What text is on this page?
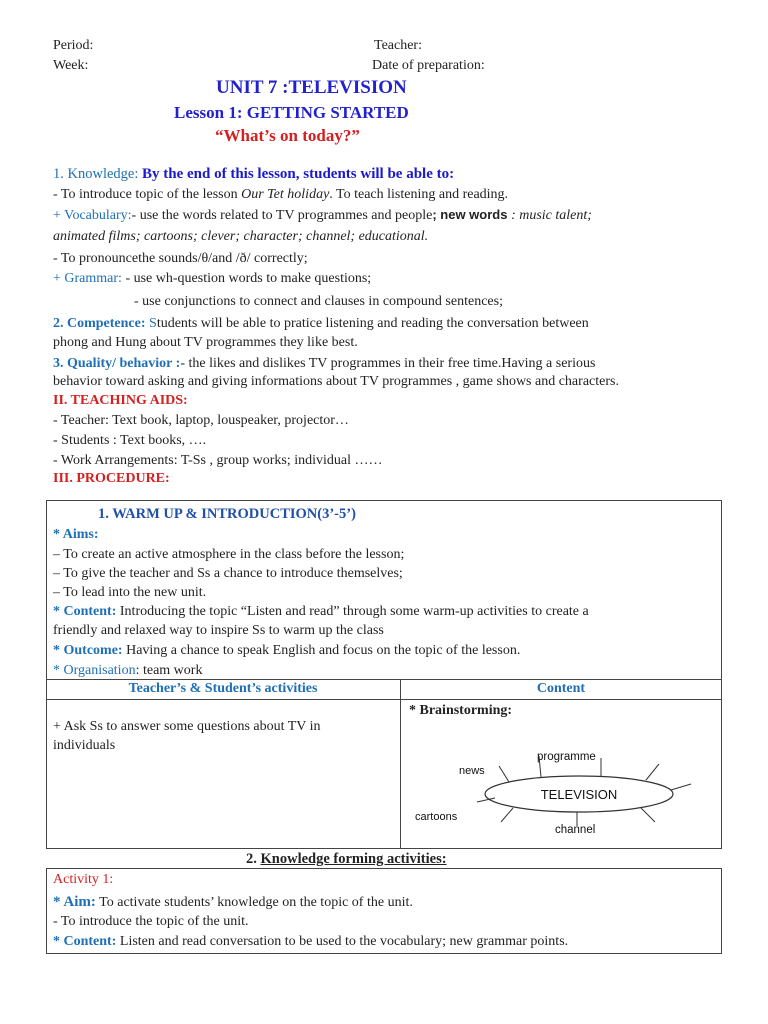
Period:	Teacher:
Week:	Date of preparation:
UNIT 7 :TELEVISION
Lesson 1: GETTING STARTED
“What’s on today?”
1. Knowledge: By the end of this lesson, students will be able to:
- To introduce topic of the lesson Our Tet holiday. To teach listening and reading.
+ Vocabulary:- use the words related to TV programmes and people; new words : music talent;
animated films; cartoons; clever; character; channel; educational.
- To pronouncethe sounds/θ/and /ð/ correctly;
+ Grammar: - use wh-question words to make questions;
- use conjunctions to connect and clauses in compound sentences;
2. Competence: Students will be able to pratice listening and reading the conversation between
phong and Hung about TV programmes they like best.
3. Quality/ behavior :- the likes and dislikes TV programmes in their free time.Having a serious
behavior toward asking and giving informations about TV programmes , game shows and characters.
II. TEACHING AIDS:
- Teacher: Text book, laptop, louspeaker, projector…
- Students : Text books, ….
- Work Arrangements: T-Ss , group works; individual ……
III. PROCEDURE:
1. WARM UP & INTRODUCTION(3’-5’)
* Aims:
– To create an active atmosphere in the class before the lesson;
– To give the teacher and Ss a chance to introduce themselves;
– To lead into the new unit.
* Content: Introducing the topic “Listen and read” through some warm-up activities to create a
friendly and relaxed way to inspire Ss to warm up the class
* Outcome: Having a chance to speak English and focus on the topic of the lesson.
* Organisation: team work
Teacher’s & Student’s activities	Content
+ Ask Ss to answer some questions about TV in
individuals
* Brainstorming:
TELEVISION
programme
news
cartoons
channel
2. Knowledge forming activities:
Activity 1:
* Aim: To activate students’ knowledge on the topic of the unit.
- To introduce the topic of the unit.
* Content: Listen and read conversation to be used to the vocabulary; new grammar points.
